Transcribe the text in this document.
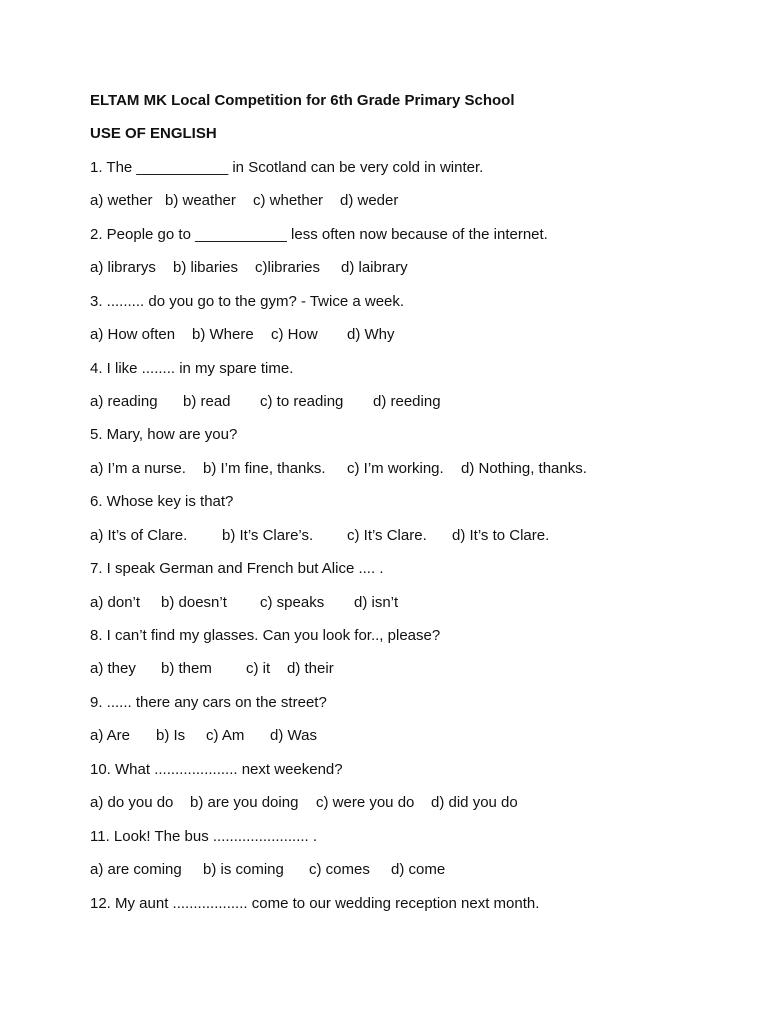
ELTAM MK Local Competition for 6th Grade Primary School
USE OF ENGLISH
1. The ___________ in Scotland can be very cold in winter.
a) wether b) weather	c) whether	d) weder
2. People go to ___________ less often now because of the internet.
a) librarys	b) libaries	c)libraries	d) laibrary
3. ......... do you go to the gym? - Twice a week.
a) How often	b) Where	c) How	d) Why
4. I like ........ in my spare time.
a) reading	b) read	c) to reading	d) reeding
5. Mary, how are you?
a) I’m a nurse.	b) I’m fine, thanks.	c) I’m working.	d) Nothing, thanks.
6. Whose key is that?
a) It’s of Clare.	b) It’s Clare’s.	c) It’s Clare.	d) It’s to Clare.
7. I speak German and French but Alice .... .
a) don’t	b) doesn’t	c) speaks	d) isn’t
8. I can’t find my glasses. Can you look for.., please?
a) they	b) them	c) it	d) their
9. ...... there any cars on the street?
a) Are	b) Is	c) Am	d) Was
10. What .................... next weekend?
a) do you do	b) are you doing	c) were you do	d) did you do
11. Look! The bus ....................... .
a) are coming	b) is coming	c) comes	d) come
12. My aunt .................. come to our wedding reception next month.
